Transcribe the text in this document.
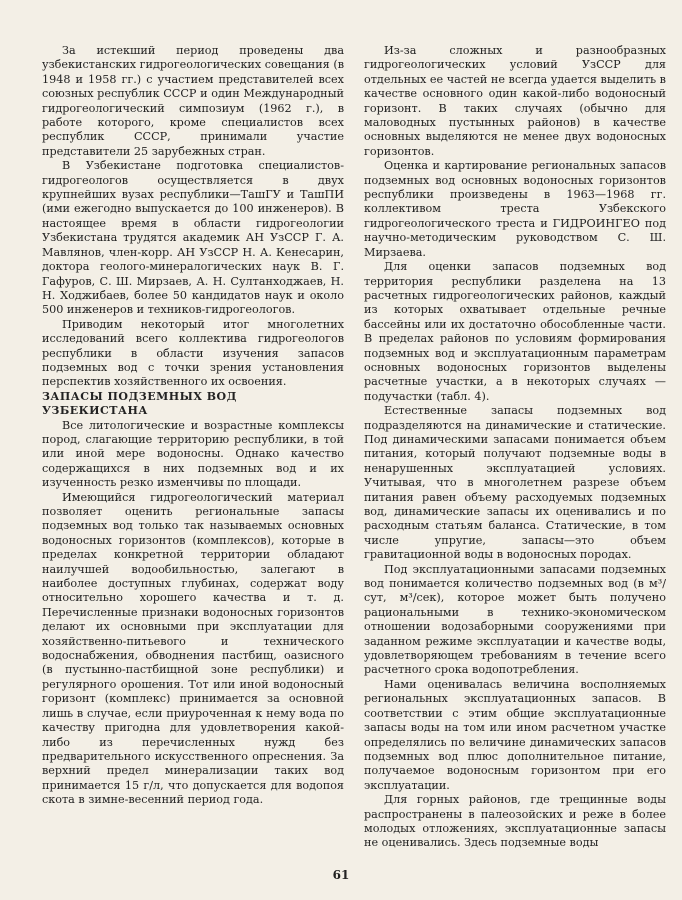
За истекший период проведены два узбекистанских гидрогеологических совещания (в 1948 и 1958 гг.) с участием представителей всех союзных республик СССР и один Международный гидрогеологический симпозиум (1962 г.), в работе которого, кроме специалистов всех республик СССР, принимали участие представители 25 зарубежных стран.

В Узбекистане подготовка специалистов-гидрогеологов осуществляется в двух крупнейших вузах республики—ТашГУ и ТашПИ (ими ежегодно выпускается до 100 инженеров). В настоящее время в области гидрогеологии Узбекистана трудятся академик АН УзССР Г. А. Мавлянов, член-корр. АН УзССР Н. А. Кенесарин, доктора геолого-минералогических наук В. Г. Гафуров, С. Ш. Мирзаев, А. Н. Султанходжаев, Н. Н. Ходжибаев, более 50 кандидатов наук и около 500 инженеров и техников-гидрогеологов.

Приводим некоторый итог многолетних исследований всего коллектива гидрогеологов республики в области изучения запасов подземных вод с точки зрения установления перспектив хозяйственного их освоения.

ЗАПАСЫ ПОДЗЕМНЫХ ВОД УЗБЕКИСТАНА

Все литологические и возрастные комплексы пород, слагающие территорию республики, в той или иной мере водоносны. Однако качество содержащихся в них подземных вод и их изученность резко изменчивы по площади.

Имеющийся гидрогеологический материал позволяет оценить региональные запасы подземных вод только так называемых основных водоносных горизонтов (комплексов), которые в пределах конкретной территории обладают наилучшей водообильностью, залегают в наиболее доступных глубинах, содержат воду относительно хорошего качества и т. д. Перечисленные признаки водоносных горизонтов делают их основными при эксплуатации для хозяйственно-питьевого и технического водоснабжения, обводнения пастбищ, оазисного (в пустынно-пастбищной зоне республики) и регулярного орошения. Тот или иной водоносный горизонт (комплекс) принимается за основной лишь в случае, если приуроченная к нему вода по качеству пригодна для удовлетворения какой-либо из перечисленных нужд без предварительного искусственного опреснения. За верхний предел минерализации таких вод принимается 15 г/л, что допускается для водопоя скота в зимне-весенний период года.

Из-за сложных и разнообразных гидрогеологических условий УзССР для отдельных ее частей не всегда удается выделить в качестве основного один какой-либо водоносный горизонт. В таких случаях (обычно для маловодных пустынных районов) в качестве основных выделяются не менее двух водоносных горизонтов.

Оценка и картирование региональных запасов подземных вод основных водоносных горизонтов республики произведены в 1963—1968 гг. коллективом треста Узбекского гидрогеологического треста и ГИДРОИНГЕО под научно-методическим руководством С. Ш. Мирзаева.

Для оценки запасов подземных вод территория республики разделена на 13 расчетных гидрогеологических районов, каждый из которых охватывает отдельные речные бассейны или их достаточно обособленные части. В пределах районов по условиям формирования подземных вод и эксплуатационным параметрам основных водоносных горизонтов выделены расчетные участки, а в некоторых случаях — подучастки (табл. 4).

Естественные запасы подземных вод подразделяются на динамические и статические. Под динамическими запасами понимается объем питания, который получают подземные воды в ненарушенных эксплуатацией условиях. Учитывая, что в многолетнем разрезе объем питания равен объему расходуемых подземных вод, динамические запасы их оценивались и по расходным статьям баланса. Статические, в том числе упругие, запасы—это объем гравитационной воды в водоносных породах.

Под эксплуатационными запасами подземных вод понимается количество подземных вод (в м³/сут, м³/сек), которое может быть получено рациональными в технико-экономическом отношении водозаборными сооружениями при заданном режиме эксплуатации и качестве воды, удовлетворяющем требованиям в течение всего расчетного срока водопотребления.

Нами оценивалась величина восполняемых региональных эксплуатационных запасов. В соответствии с этим общие эксплуатационные запасы воды на том или ином расчетном участке определялись по величине динамических запасов подземных вод плюс дополнительное питание, получаемое водоносным горизонтом при его эксплуатации.

Для горных районов, где трещинные воды распространены в палеозойских и реже в более молодых отложениях, эксплуатационные запасы не оценивались. Здесь подземные воды

61
